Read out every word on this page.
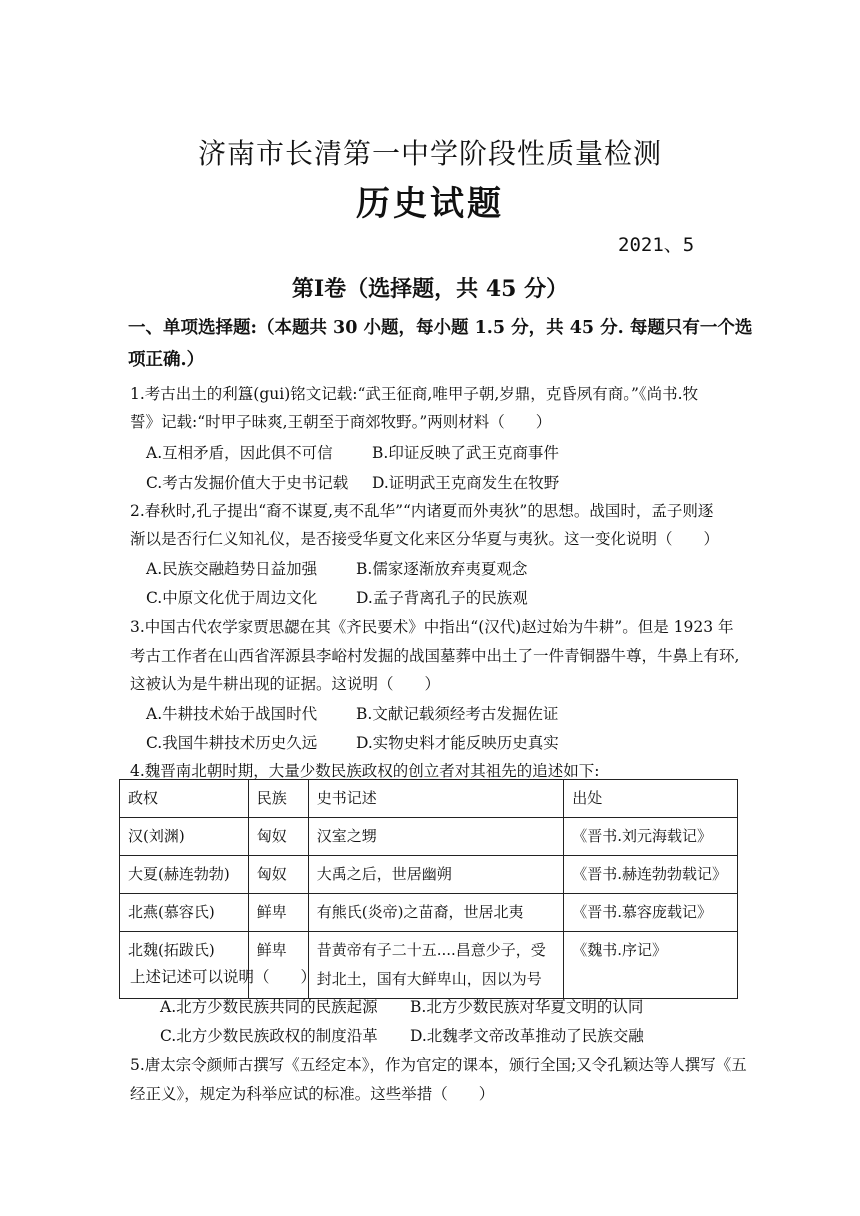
济南市长清第一中学阶段性质量检测
历史试题
2021、5
第Ⅰ卷（选择题，共 45 分）
一、单项选择题:（本题共 30 小题，每小题 1.5 分，共 45 分. 每题只有一个选
项正确.）
1.考古出土的利簋(gui)铭文记载:“武王征商,唯甲子朝,岁鼎，克昏夙有商。”《尚书.牧
誓》记载:“时甲子昧爽,王朝至于商郊牧野。”两则材料（　　）
A.互相矛盾，因此俱不可信	B.印证反映了武王克商事件
C.考古发掘价值大于史书记载 D.证明武王克商发生在牧野
2.春秋时,孔子提出“裔不谋夏,夷不乱华”“内诸夏而外夷狄”的思想。战国时，孟子则逐
渐以是否行仁义知礼仪，是否接受华夏文化来区分华夏与夷狄。这一变化说明（　　）
A.民族交融趋势日益加强	B.儒家逐渐放弃夷夏观念
C.中原文化优于周边文化	D.孟子背离孔子的民族观
3.中国古代农学家贾思勰在其《齐民要术》中指出“(汉代)赵过始为牛耕”。但是 1923 年
考古工作者在山西省浑源县李峪村发掘的战国墓葬中出土了一件青铜器牛尊，牛鼻上有环,
这被认为是牛耕出现的证据。这说明（　　）
A.牛耕技术始于战国时代	B.文献记载须经考古发掘佐证
C.我国牛耕技术历史久远	D.实物史料才能反映历史真实
4.魏晋南北朝时期，大量少数民族政权的创立者对其祖先的追述如下:
政权	民族	史书记述	出处
汉(刘渊)	匈奴	汉室之甥	《晋书.刘元海载记》
大夏(赫连勃勃)	匈奴	大禹之后，世居幽朔	《晋书.赫连勃勃载记》
北燕(慕容氏)	鲜卑	有熊氏(炎帝)之苗裔，世居北夷	《晋书.慕容庞载记》
北魏(拓跋氏)	鲜卑	昔黄帝有子二十五....昌意少子，受封北土，国有大鲜卑山，因以为号	《魏书.序记》
上述记述可以说明（　　）
A.北方少数民族共同的民族起源 B.北方少数民族对华夏文明的认同
C.北方少数民族政权的制度沿革 D.北魏孝文帝改革推动了民族交融
5.唐太宗令颜师古撰写《五经定本》，作为官定的课本，颁行全国;又令孔颖达等人撰写《五
经正义》，规定为科举应试的标准。这些举措（　　）
